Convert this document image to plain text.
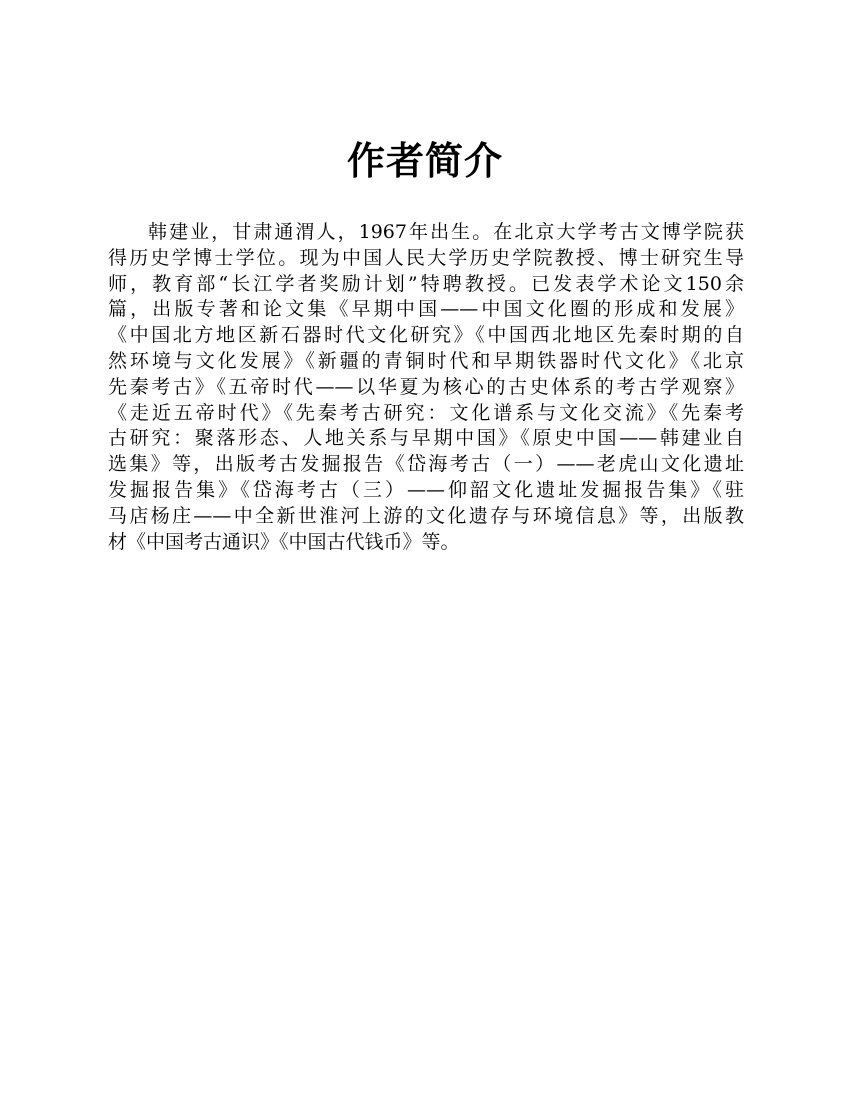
作者简介
韩建业，甘肃通渭人，1967年出生。在北京大学考古文博学院获
得历史学博士学位。现为中国人民大学历史学院教授、博士研究生导
师，教育部“长江学者奖励计划”特聘教授。已发表学术论文150余
篇，出版专著和论文集《早期中国——中国文化圈的形成和发展》
《中国北方地区新石器时代文化研究》《中国西北地区先秦时期的自
然环境与文化发展》《新疆的青铜时代和早期铁器时代文化》《北京
先秦考古》《五帝时代——以华夏为核心的古史体系的考古学观察》
《走近五帝时代》《先秦考古研究：文化谱系与文化交流》《先秦考
古研究：聚落形态、人地关系与早期中国》《原史中国——韩建业自
选集》等，出版考古发掘报告《岱海考古（一）——老虎山文化遗址
发掘报告集》《岱海考古（三）——仰韶文化遗址发掘报告集》《驻
马店杨庄——中全新世淮河上游的文化遗存与环境信息》等，出版教
材《中国考古通识》《中国古代钱币》等。
